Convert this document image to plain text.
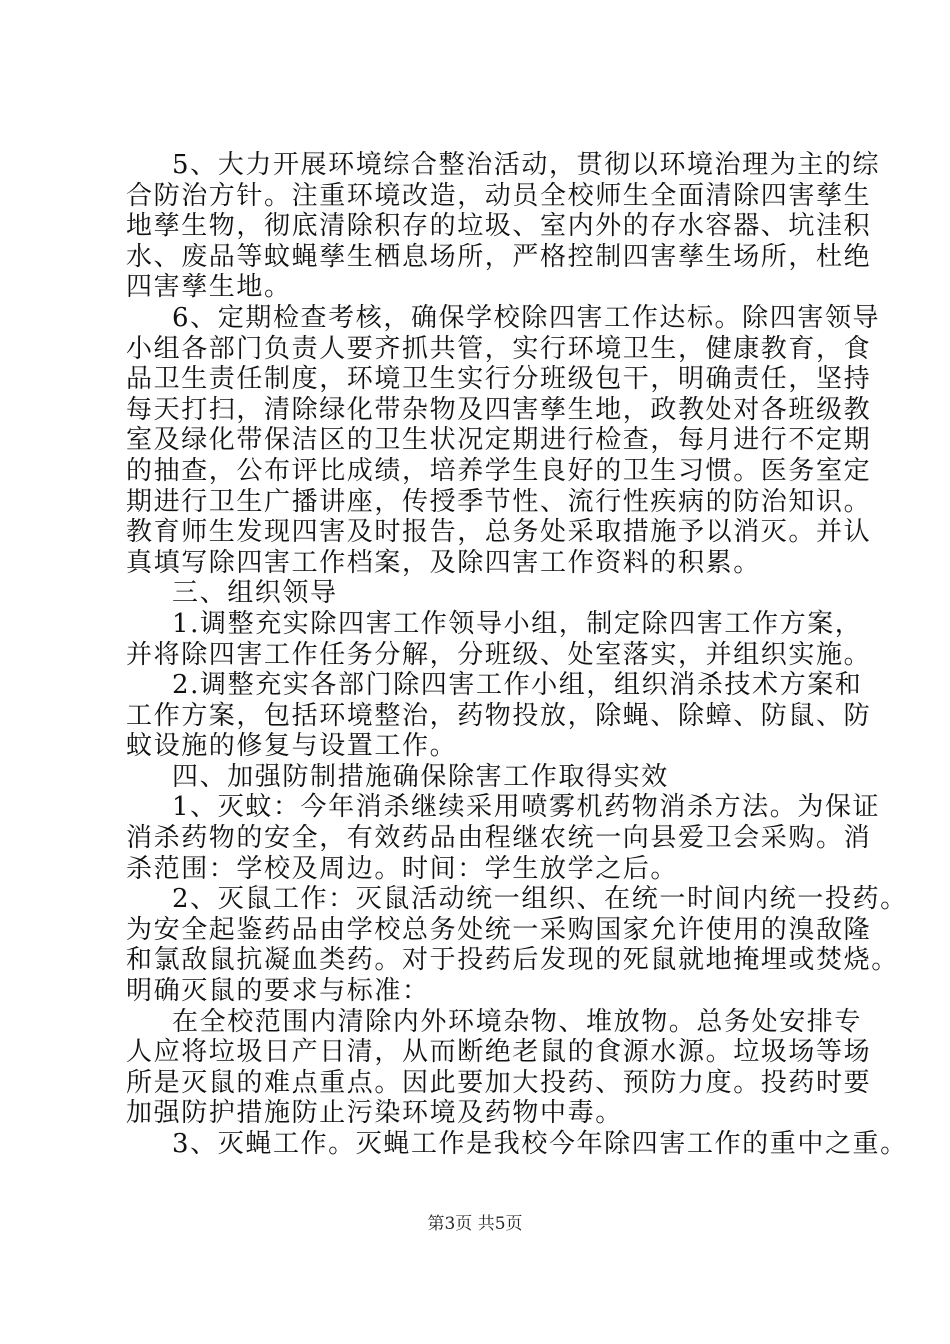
5、大力开展环境综合整治活动，贯彻以环境治理为主的综
合防治方针。注重环境改造，动员全校师生全面清除四害孳生
地孳生物，彻底清除积存的垃圾、室内外的存水容器、坑洼积
水、废品等蚊蝇孳生栖息场所，严格控制四害孳生场所，杜绝
四害孳生地。
6、定期检查考核，确保学校除四害工作达标。除四害领导
小组各部门负责人要齐抓共管，实行环境卫生，健康教育，食
品卫生责任制度，环境卫生实行分班级包干，明确责任，坚持
每天打扫，清除绿化带杂物及四害孳生地，政教处对各班级教
室及绿化带保洁区的卫生状况定期进行检查，每月进行不定期
的抽查，公布评比成绩，培养学生良好的卫生习惯。医务室定
期进行卫生广播讲座，传授季节性、流行性疾病的防治知识。
教育师生发现四害及时报告，总务处采取措施予以消灭。并认
真填写除四害工作档案，及除四害工作资料的积累。
三、组织领导
1.调整充实除四害工作领导小组，制定除四害工作方案，
并将除四害工作任务分解，分班级、处室落实，并组织实施。
2.调整充实各部门除四害工作小组，组织消杀技术方案和
工作方案，包括环境整治，药物投放，除蝇、除蟑、防鼠、防
蚊设施的修复与设置工作。
四、加强防制措施确保除害工作取得实效
1、灭蚊：今年消杀继续采用喷雾机药物消杀方法。为保证
消杀药物的安全，有效药品由程继农统一向县爱卫会采购。消
杀范围：学校及周边。时间：学生放学之后。
2、灭鼠工作：灭鼠活动统一组织、在统一时间内统一投药。
为安全起鉴药品由学校总务处统一采购国家允许使用的溴敌隆
和氯敌鼠抗凝血类药。对于投药后发现的死鼠就地掩埋或焚烧。
明确灭鼠的要求与标准：
在全校范围内清除内外环境杂物、堆放物。总务处安排专
人应将垃圾日产日清，从而断绝老鼠的食源水源。垃圾场等场
所是灭鼠的难点重点。因此要加大投药、预防力度。投药时要
加强防护措施防止污染环境及药物中毒。
3、灭蝇工作。灭蝇工作是我校今年除四害工作的重中之重。
第3页 共5页
